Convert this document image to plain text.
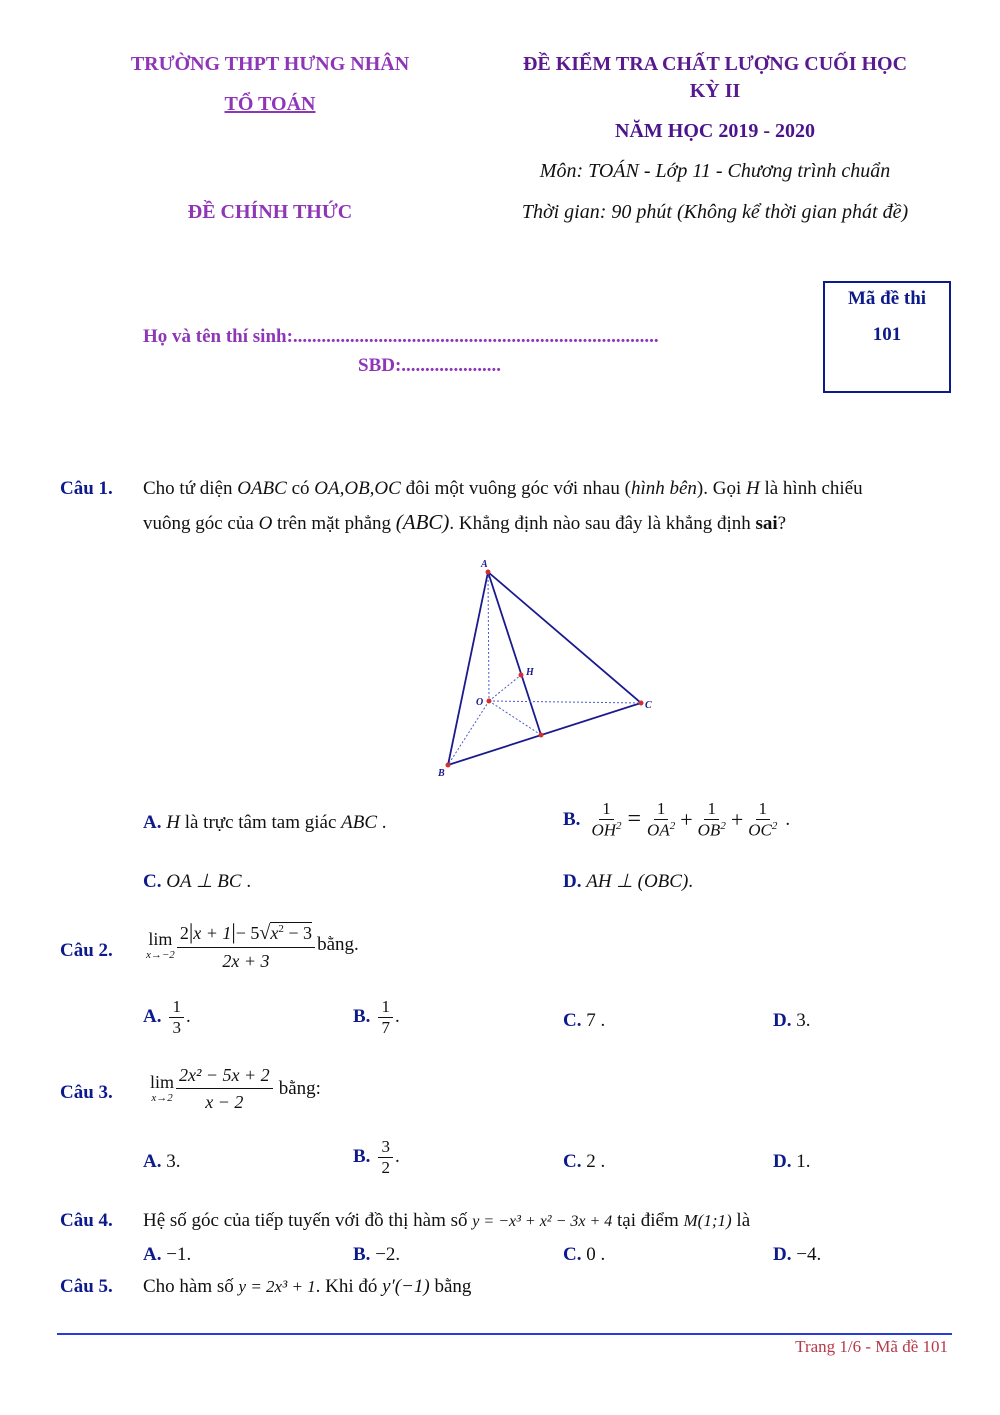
TRƯỜNG THPT HƯNG NHÂN
TỔ TOÁN
ĐỀ CHÍNH THỨC
ĐỀ KIỂM TRA CHẤT LƯỢNG CUỐI HỌC
KỲ II
NĂM HỌC 2019 - 2020
Môn: TOÁN - Lớp 11 - Chương trình chuẩn
Thời gian: 90 phút (Không kể thời gian phát đề)
Họ và tên thí sinh:.............................................................................
SBD:.....................
Mã đề thi
101
Câu 1. Cho tứ diện OABC có OA,OB,OC đôi một vuông góc với nhau (hình bên). Gọi H là hình chiếu
vuông góc của O trên mặt phẳng (ABC). Khẳng định nào sau đây là khẳng định sai?
A
H
O	C
B
A. H là trực tâm tam giác ABC .	B. $\frac{1}{OH^2} = \frac{1}{OA^2} + \frac{1}{OB^2} + \frac{1}{OC^2}$ .
C. OA ⊥ BC .	D. AH ⊥ (OBC).
Câu 2.
lim
$x\to-2 \frac{2|x + 1|- 5√x^2 - 3}{2x + 3}$ bằng.
A. $\frac{1}{3}$ .	B. $\frac{1}{7}$ .	C. 7 .	D. 3.
Câu 3. lim
$x\to 2 \frac{\text{2x² − 5x + 2}}{x - 2}$ bằng:
A. 3.	B. $\frac{3}{2}$ .	C. 2 .	D. 1.
Câu 4. Hệ số góc của tiếp tuyến với đồ thị hàm số y = −x³ + x² − 3x + 4 tại điểm M(1;1) là
A. −1.	B. −2.	C. 0 .	D. −4.
Câu 5. Cho hàm số y = 2x³ + 1. Khi đó y′(−1) bằng
Trang 1/6 - Mã đề 101
